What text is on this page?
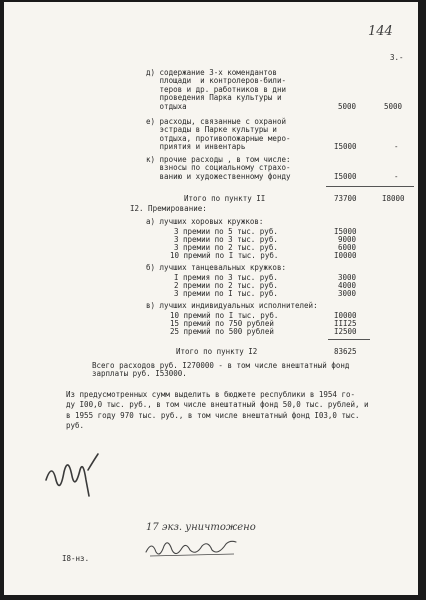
144
3.-
д) содержание 3-х комендантов
площади  и контролеров-били-
теров и др. работников в дни
проведения Парка культуры и
отдыха	5000	5000
е) расходы, связанные с охраной
эстрады в Парке культуры и
отдыха, противопожарные меро-
приятия и инвентарь	I5000	-
к) прочие расходы , в том числе:
взносы по социальному страхо-
ванию и художественному фонду	I5000	-
Итого по пункту II	73700	I8000
I2. Премирование:
а) лучших хоровых кружков:
3 премии по 5 тыс. руб.	I5000
3 премии по 3 тыс. руб.	9000
3 премии по 2 тыс. руб.	6000
10 премий по I тыс. руб.	I0000
б) лучших танцевальных кружков:
I премия по 3 тыс. руб.	3000
2 премии по 2 тыс. руб.	4000
3 премии по I тыс. руб.	3000
в) лучших индивидуальных исполнителей:
10 премий по I тыс. руб.	I0000
15 премий по 750 рублей	III25
25 премий по 500 рублей	I2500
Итого по пункту I2	83625
Всего расходов руб. I270000 - в том числе внештатный фонд
зарплаты руб. I53000.
Из предусмотренных сумм выделить в бюджете республики в 1954 го-
ду I00,0 тыс. руб., в том числе внештатный фонд 50,0 тыс. рублей, и
в 1955 году 970 тыс. руб., в том числе внештатный фонд I03,0 тыс.
руб.
17 экз. уничтожено
I8-нз.
